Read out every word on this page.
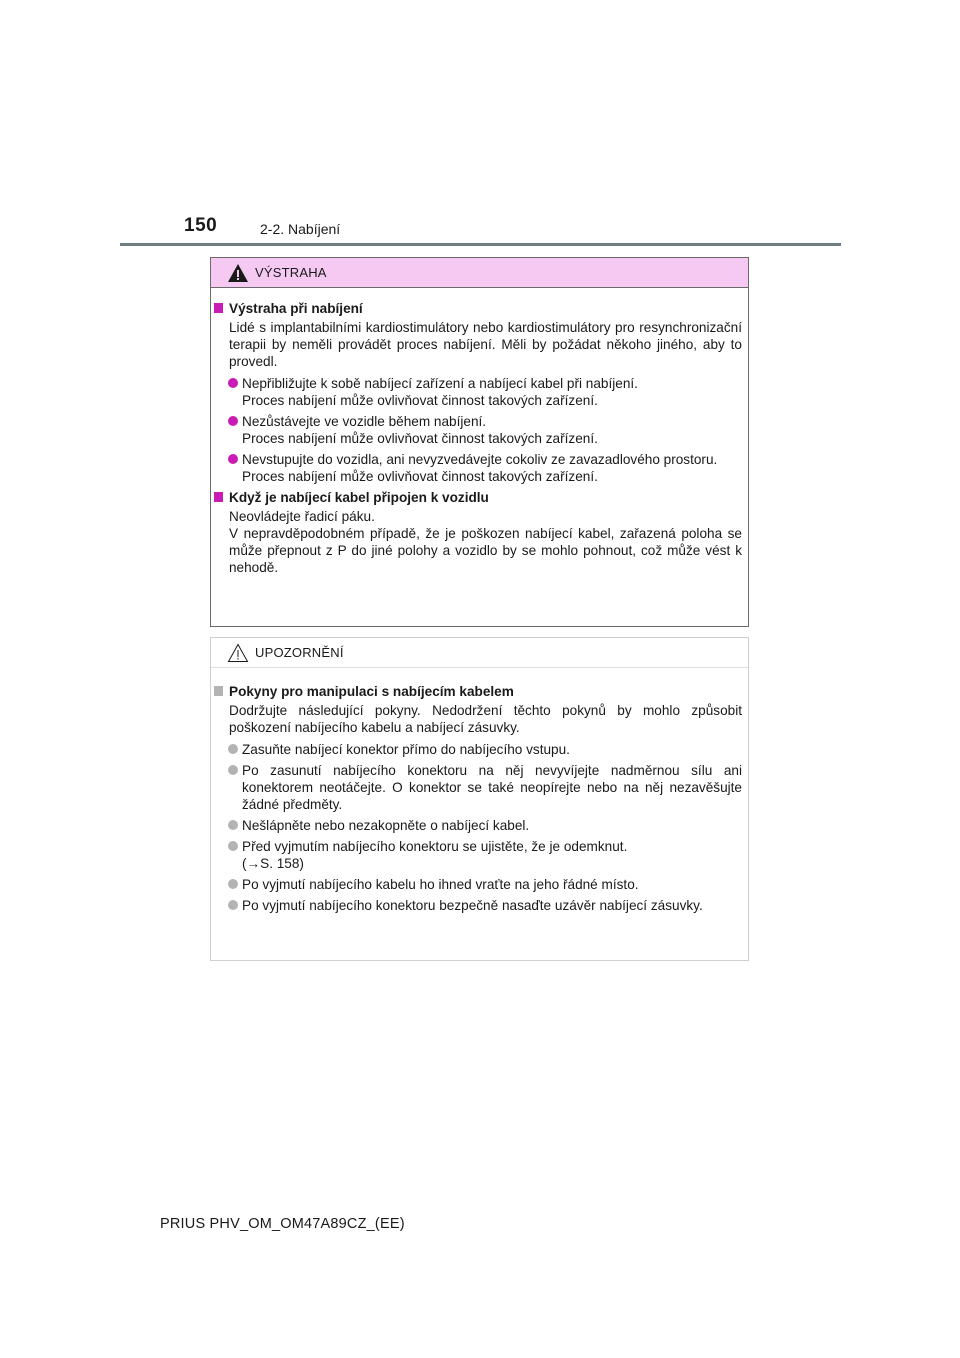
150	2-2. Nabíjení
VÝSTRAHA
Výstraha při nabíjení
Lidé s implantabilními kardiostimulátory nebo kardiostimulátory pro resynchronizační terapii by neměli provádět proces nabíjení. Měli by požádat někoho jiného, aby to provedl.
Nepřibližujte k sobě nabíjecí zařízení a nabíjecí kabel při nabíjení.
Proces nabíjení může ovlivňovat činnost takových zařízení.
Nezůstávejte ve vozidle během nabíjení.
Proces nabíjení může ovlivňovat činnost takových zařízení.
Nevstupujte do vozidla, ani nevyzvedávejte cokoliv ze zavazadlového prostoru.
Proces nabíjení může ovlivňovat činnost takových zařízení.
Když je nabíjecí kabel připojen k vozidlu
Neovládejte řadicí páku.
V nepravděpodobném případě, že je poškozen nabíjecí kabel, zařazená poloha se může přepnout z P do jiné polohy a vozidlo by se mohlo pohnout, což může vést k nehodě.
UPOZORNĚNÍ
Pokyny pro manipulaci s nabíjecím kabelem
Dodržujte následující pokyny. Nedodržení těchto pokynů by mohlo způsobit poškození nabíjecího kabelu a nabíjecí zásuvky.
Zasuňte nabíjecí konektor přímo do nabíjecího vstupu.
Po zasunutí nabíjecího konektoru na něj nevyvíjejte nadměrnou sílu ani konektorem neotáčejte. O konektor se také neopírejte nebo na něj nezavěšujte žádné předměty.
Nešlápněte nebo nezakopněte o nabíjecí kabel.
Před vyjmutím nabíjecího konektoru se ujistěte, že je odemknut.
(→S. 158)
Po vyjmutí nabíjecího kabelu ho ihned vraťte na jeho řádné místo.
Po vyjmutí nabíjecího konektoru bezpečně nasaďte uzávěr nabíjecí zásuvky.
PRIUS PHV_OM_OM47A89CZ_(EE)
